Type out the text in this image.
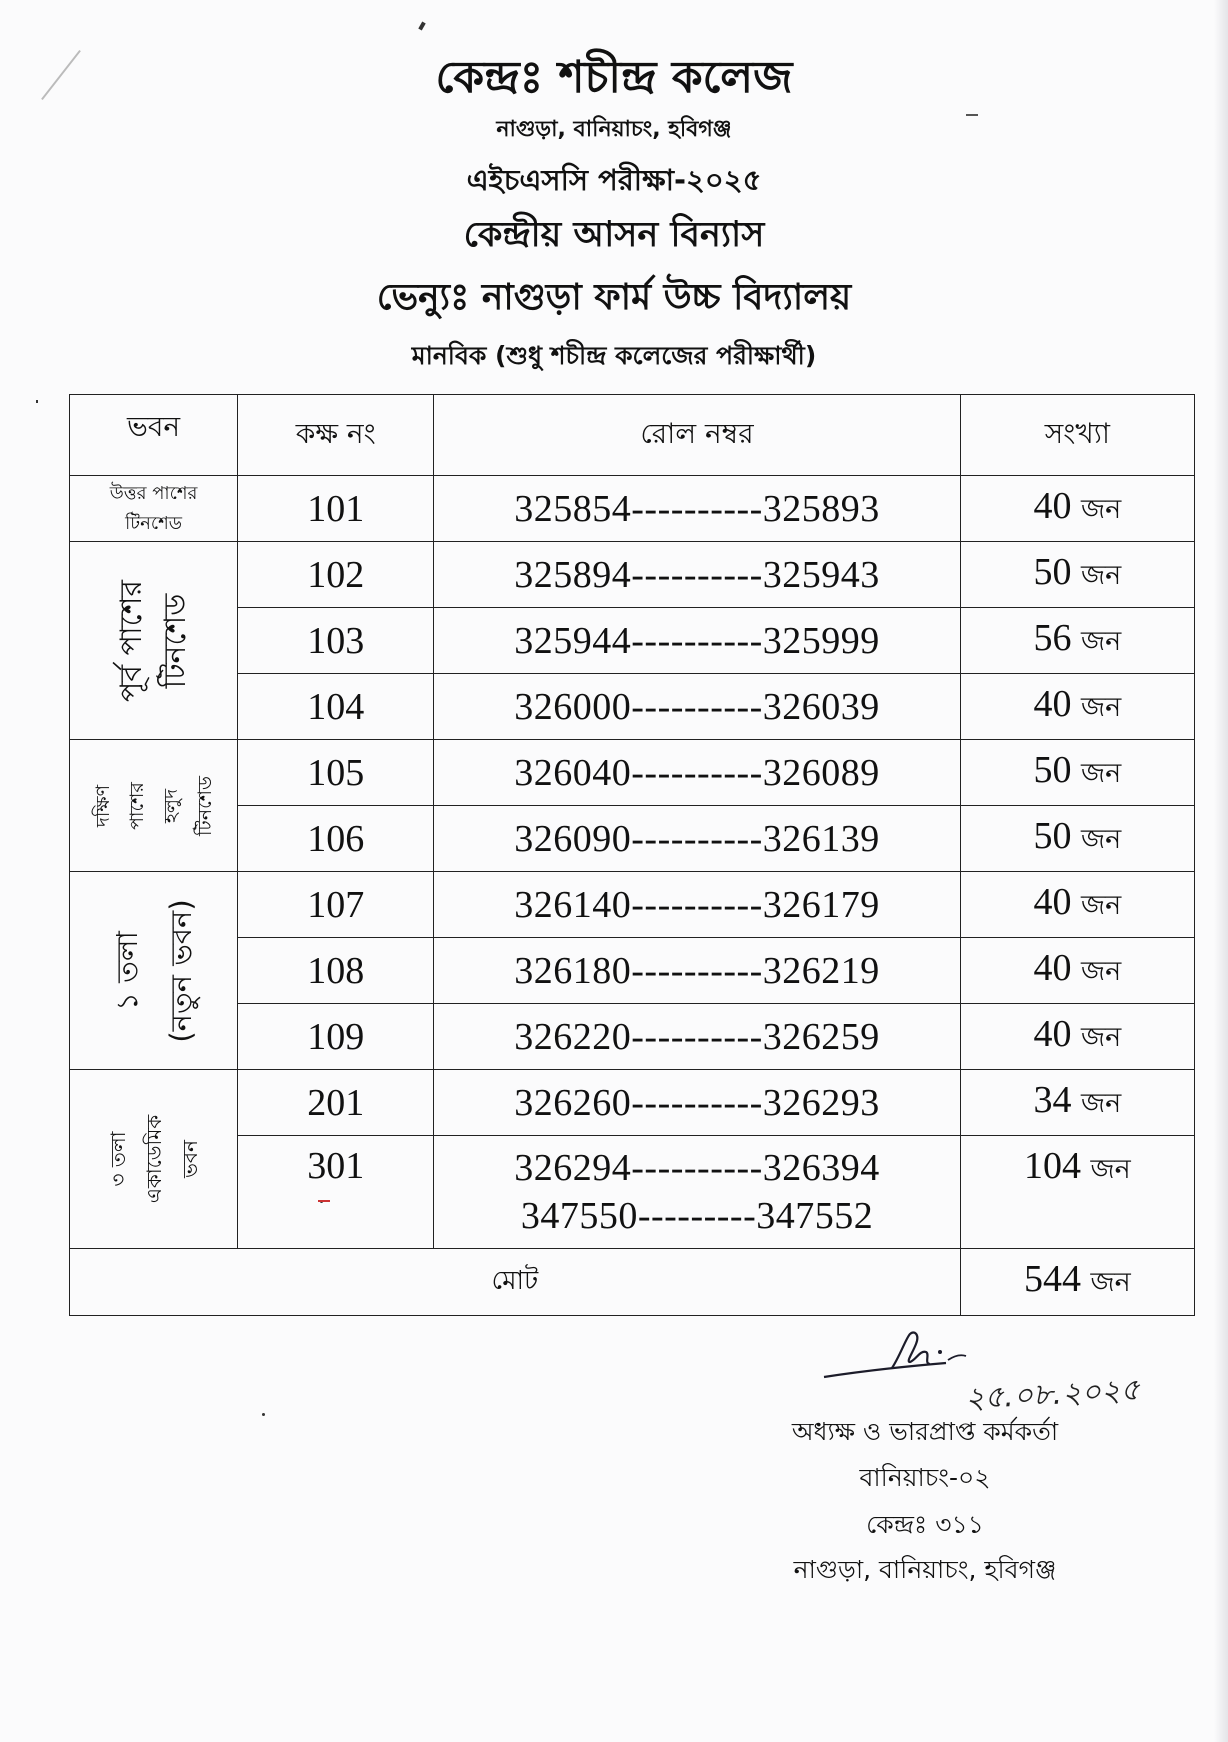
কেন্দ্রঃ শচীন্দ্র কলেজ
নাগুড়া, বানিয়াচং, হবিগঞ্জ
এইচএসসি পরীক্ষা-২০২৫
কেন্দ্রীয় আসন বিন্যাস
ভেন্যুঃ নাগুড়া ফার্ম উচ্চ বিদ্যালয়
মানবিক (শুধু শচীন্দ্র কলেজের পরীক্ষার্থী)
ভবন	কক্ষ নং	রোল নম্বর	সংখ্যা

উত্তর পাশের
টিনশেড	101	325854----------325893	40 জন

পূর্ব পাশের টিনশেড	102	325894----------325943	50 জন
	103	325944----------325999	56 জন
	104	326000----------326039	40 জন

দক্ষিণ পাশের হলুদ টিনশেড	105	326040----------326089	50 জন
	106	326090----------326139	50 জন

১ তলা (নতুন ভবন)	107	326140----------326179	40 জন
	108	326180----------326219	40 জন
	109	326220----------326259	40 জন

৩ তলা একাডেমিক ভবন	201	326260----------326293	34 জন
	301	326294----------326394
347550---------347552	104 জন
মোট			544 জন
২৫.০৮.২০২৫
অধ্যক্ষ ও ভারপ্রাপ্ত কর্মকর্তা
বানিয়াচং-০২
কেন্দ্রঃ ৩১১
নাগুড়া, বানিয়াচং, হবিগঞ্জ
